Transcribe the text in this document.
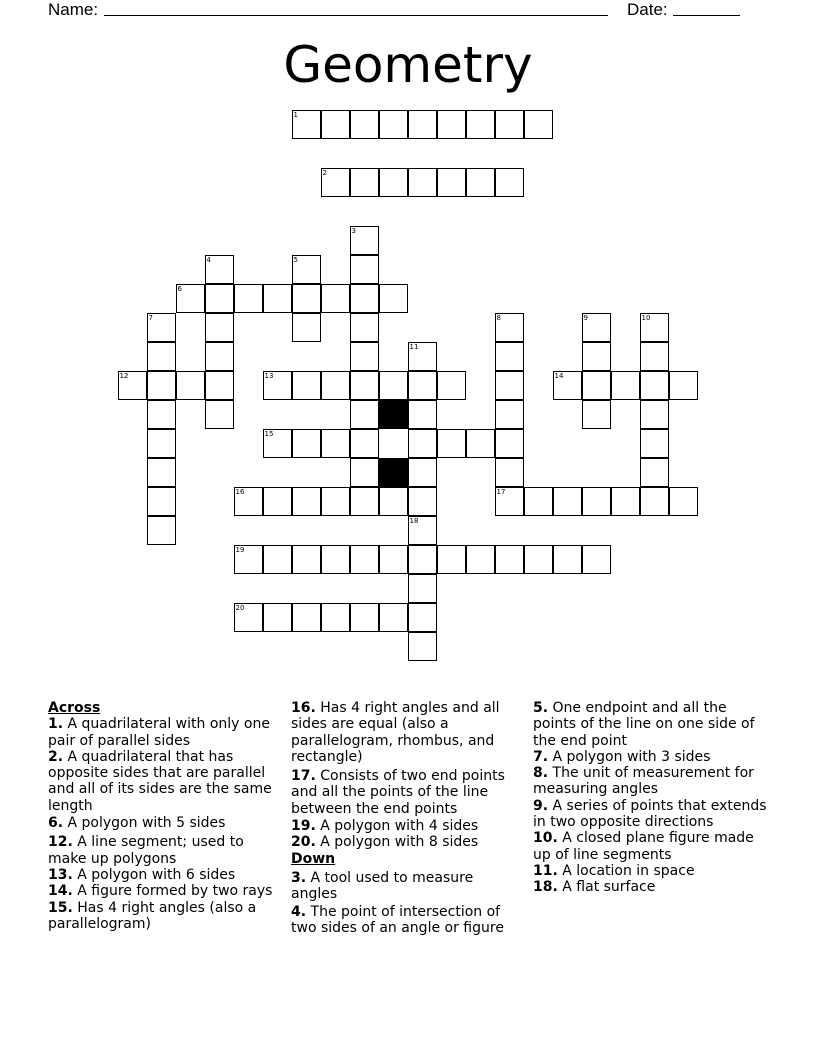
Name:	Date:
Geometry
1
2
3
4	5
6
7	8	9	10
11
12	13	14
15
16	17
18
19
20
Across
1. A quadrilateral with only one pair of parallel sides
2. A quadrilateral that has opposite sides that are parallel and all of its sides are the same length
6. A polygon with 5 sides
12. A line segment; used to make up polygons
13. A polygon with 6 sides
14. A figure formed by two rays
15. Has 4 right angles (also a parallelogram)
16. Has 4 right angles and all sides are equal (also a parallelogram, rhombus, and rectangle)
17. Consists of two end points and all the points of the line between the end points
19. A polygon with 4 sides
20. A polygon with 8 sides
Down
3. A tool used to measure angles
4. The point of intersection of two sides of an angle or figure
5. One endpoint and all the points of the line on one side of the end point
7. A polygon with 3 sides
8. The unit of measurement for measuring angles
9. A series of points that extends in two opposite directions
10. A closed plane figure made up of line segments
11. A location in space
18. A flat surface
